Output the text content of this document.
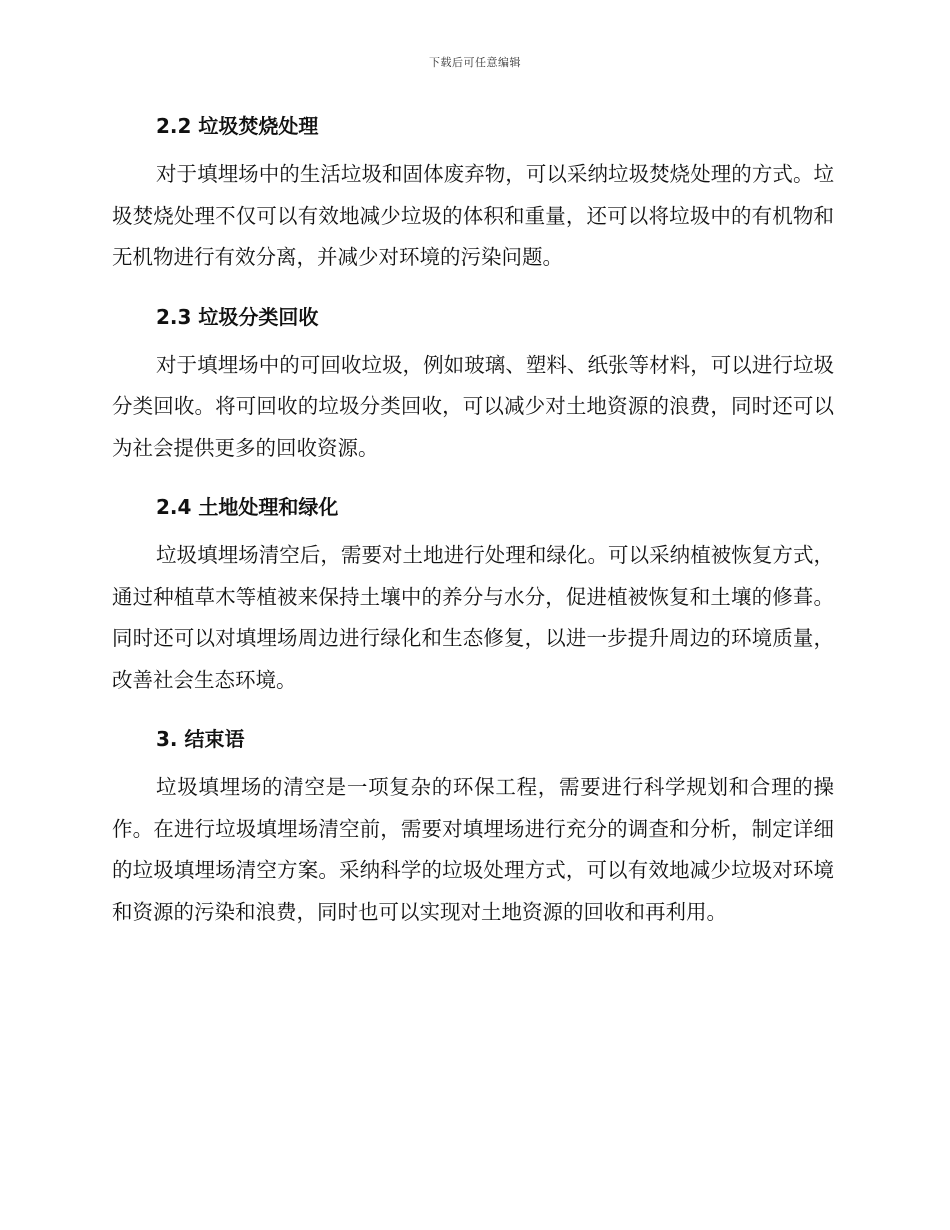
下载后可任意编辑
2.2 垃圾焚烧处理

对于填埋场中的生活垃圾和固体废弃物，可以采纳垃圾焚烧处理的方式。垃圾焚烧处理不仅可以有效地减少垃圾的体积和重量，还可以将垃圾中的有机物和无机物进行有效分离，并减少对环境的污染问题。

2.3 垃圾分类回收

对于填埋场中的可回收垃圾，例如玻璃、塑料、纸张等材料，可以进行垃圾分类回收。将可回收的垃圾分类回收，可以减少对土地资源的浪费，同时还可以为社会提供更多的回收资源。

2.4 土地处理和绿化

垃圾填埋场清空后，需要对土地进行处理和绿化。可以采纳植被恢复方式，通过种植草木等植被来保持土壤中的养分与水分，促进植被恢复和土壤的修葺。同时还可以对填埋场周边进行绿化和生态修复，以进一步提升周边的环境质量，改善社会生态环境。

3. 结束语

垃圾填埋场的清空是一项复杂的环保工程，需要进行科学规划和合理的操作。在进行垃圾填埋场清空前，需要对填埋场进行充分的调查和分析，制定详细的垃圾填埋场清空方案。采纳科学的垃圾处理方式，可以有效地减少垃圾对环境和资源的污染和浪费，同时也可以实现对土地资源的回收和再利用。
